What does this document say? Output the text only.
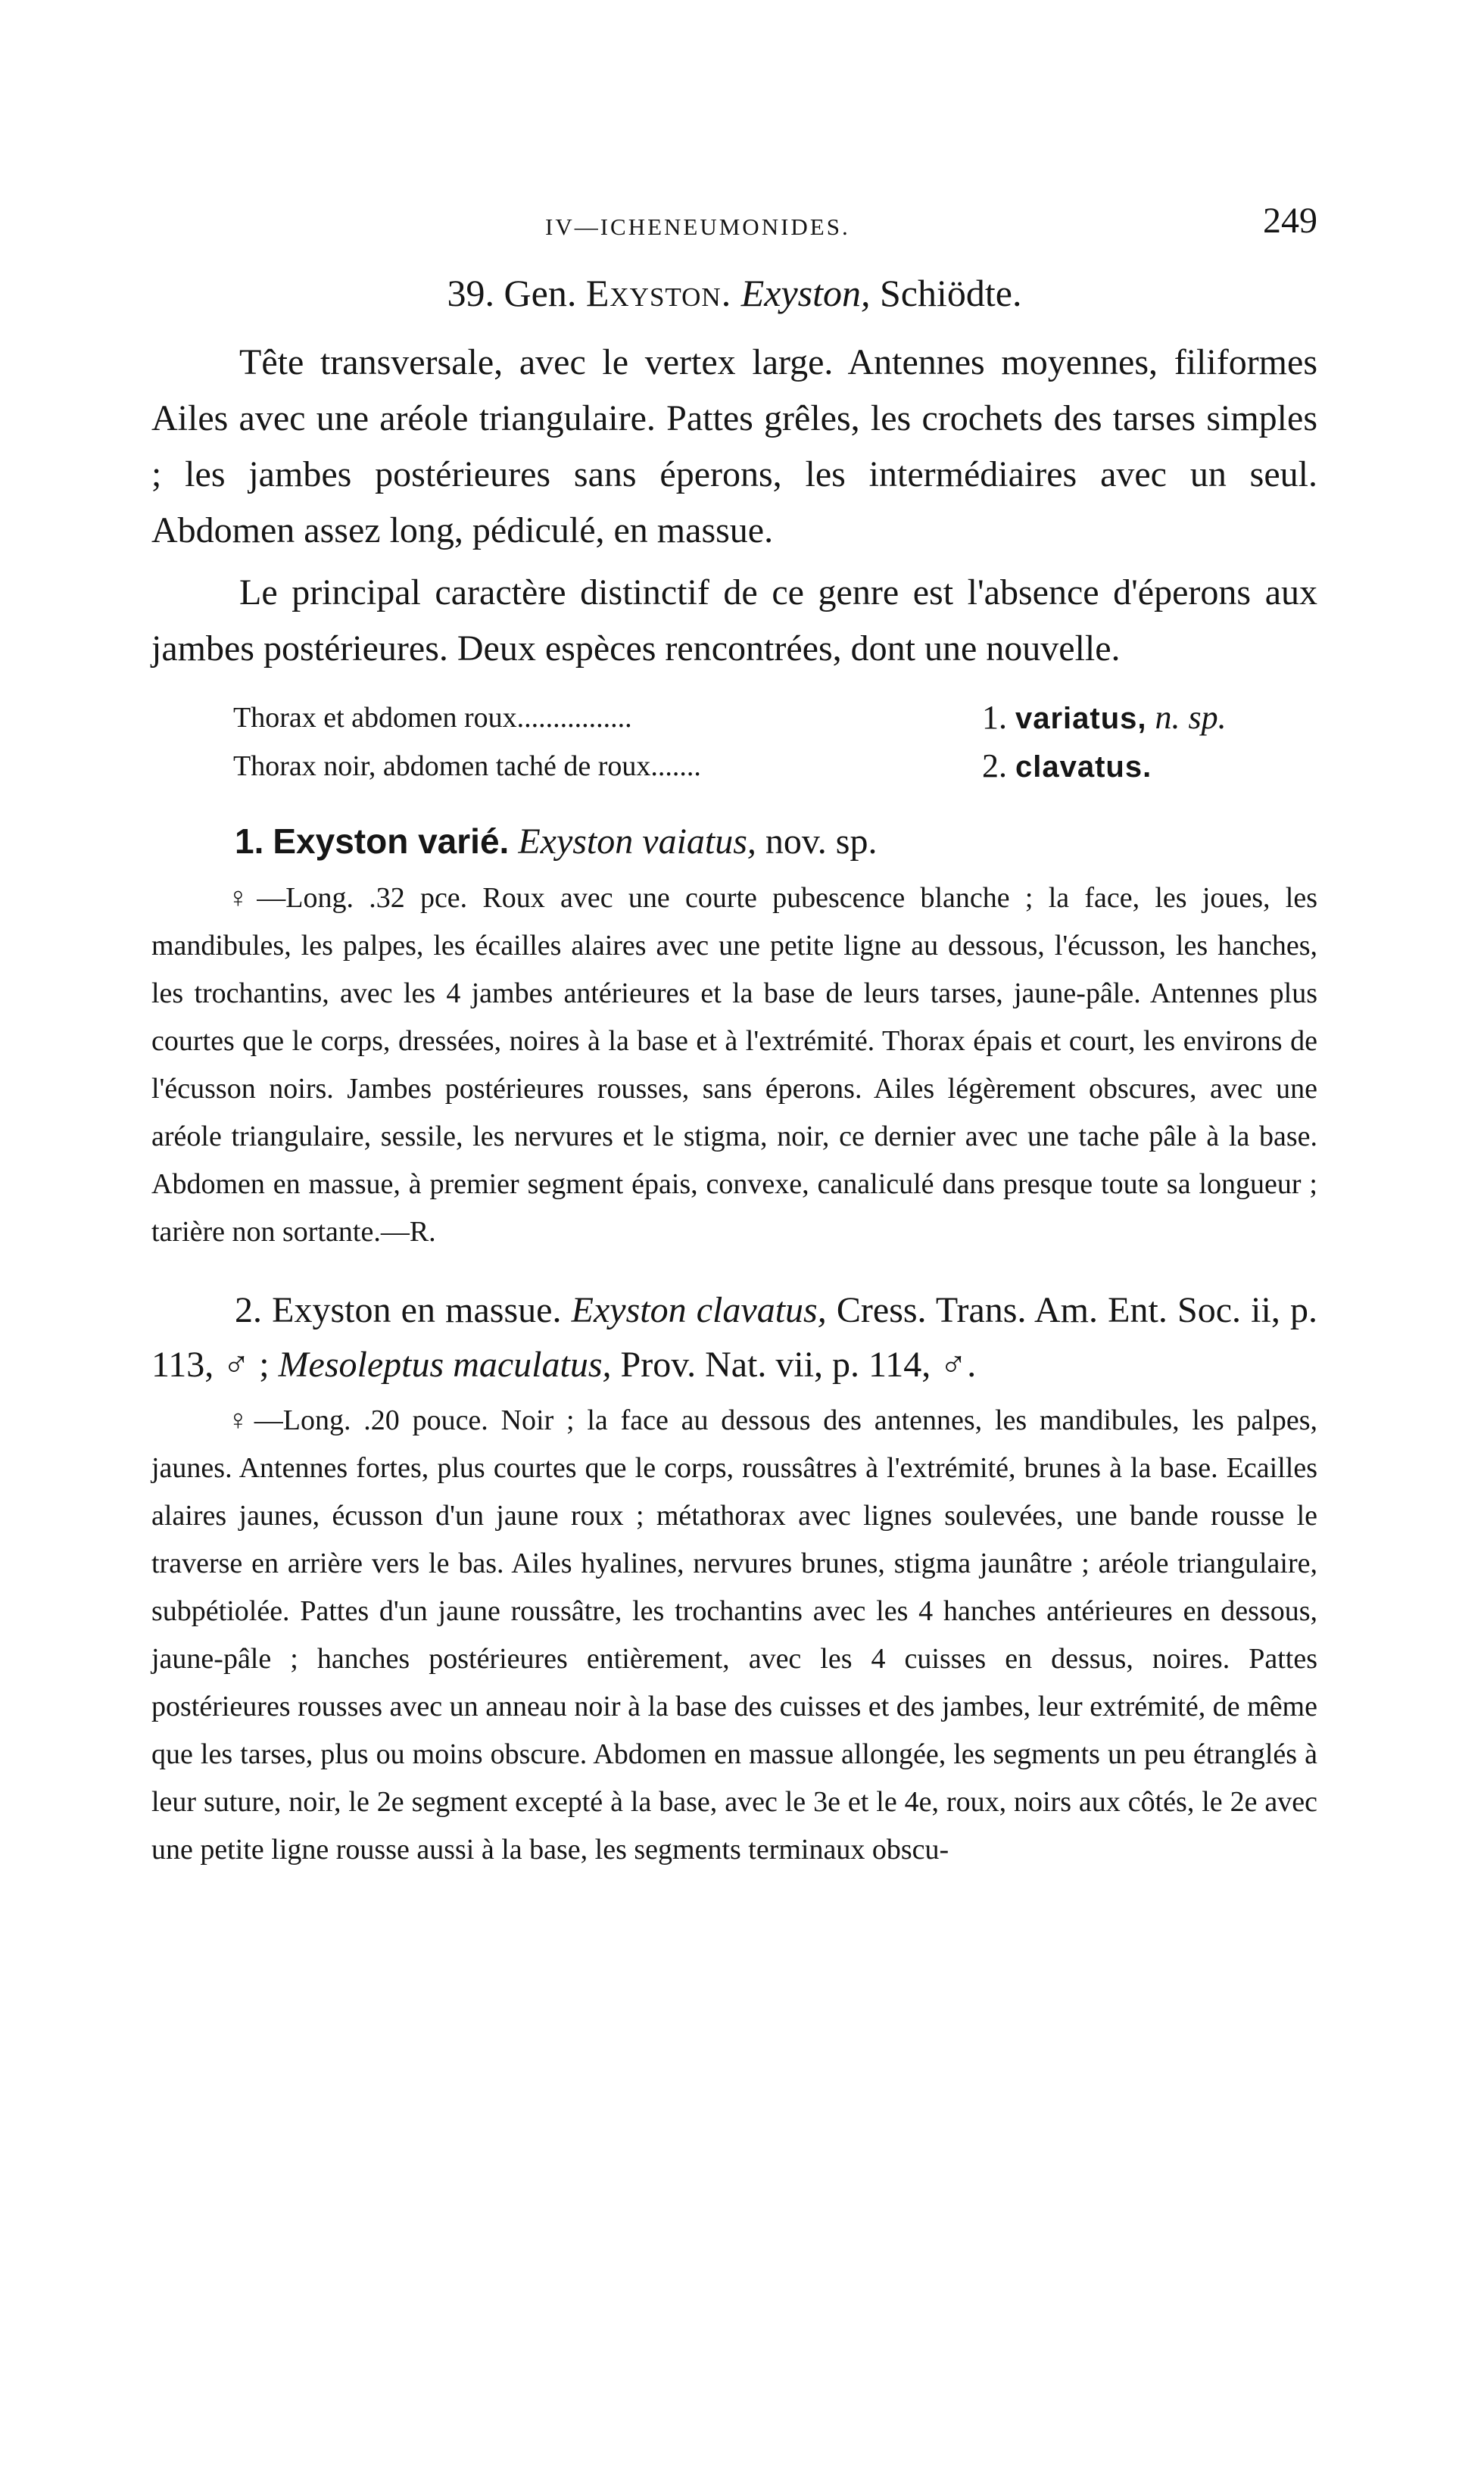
IV—ICHENEUMONIDES.	249
39. Gen. Exyston. Exyston, Schiödte.

Tête transversale, avec le vertex large. Antennes moyennes, filiformes Ailes avec une aréole triangulaire. Pattes grêles, les crochets des tarses simples ; les jambes postérieures sans éperons, les intermédiaires avec un seul. Abdomen assez long, pédiculé, en massue.

Le principal caractère distinctif de ce genre est l'absence d'éperons aux jambes postérieures. Deux espèces rencontrées, dont une nouvelle.

Thorax et abdomen roux................	1. variatus, n. sp.
Thorax noir, abdomen taché de roux.......	2. clavatus.
1. Exyston varié. Exyston vaiatus, nov. sp.

♀—Long. .32 pce. Roux avec une courte pubescence blanche ; la face, les joues, les mandibules, les palpes, les écailles alaires avec une petite ligne au dessous, l'écusson, les hanches, les trochantins, avec les 4 jambes antérieures et la base de leurs tarses, jaune-pâle. Antennes plus courtes que le corps, dressées, noires à la base et à l'extrémité. Thorax épais et court, les environs de l'écusson noirs. Jambes postérieures rousses, sans éperons. Ailes légèrement obscures, avec une aréole triangulaire, sessile, les nervures et le stigma, noir, ce dernier avec une tache pâle à la base. Abdomen en massue, à premier segment épais, convexe, canaliculé dans presque toute sa longueur ; tarière non sortante.—R.

2. Exyston en massue. Exyston clavatus, Cress. Trans. Am. Ent. Soc. ii, p. 113, ♂ ; Mesoleptus maculatus, Prov. Nat. vii, p. 114, ♂.

♀—Long. .20 pouce. Noir ; la face au dessous des antennes, les mandibules, les palpes, jaunes. Antennes fortes, plus courtes que le corps, roussâtres à l'extrémité, brunes à la base. Ecailles alaires jaunes, écusson d'un jaune roux ; métathorax avec lignes soulevées, une bande rousse le traverse en arrière vers le bas. Ailes hyalines, nervures brunes, stigma jaunâtre ; aréole triangulaire, subpétiolée. Pattes d'un jaune roussâtre, les trochantins avec les 4 hanches antérieures en dessous, jaune-pâle ; hanches postérieures entièrement, avec les 4 cuisses en dessus, noires. Pattes postérieures rousses avec un anneau noir à la base des cuisses et des jambes, leur extrémité, de même que les tarses, plus ou moins obscure. Abdomen en massue allongée, les segments un peu étranglés à leur suture, noir, le 2e segment excepté à la base, avec le 3e et le 4e, roux, noirs aux côtés, le 2e avec une petite ligne rousse aussi à la base, les segments terminaux obscu-
